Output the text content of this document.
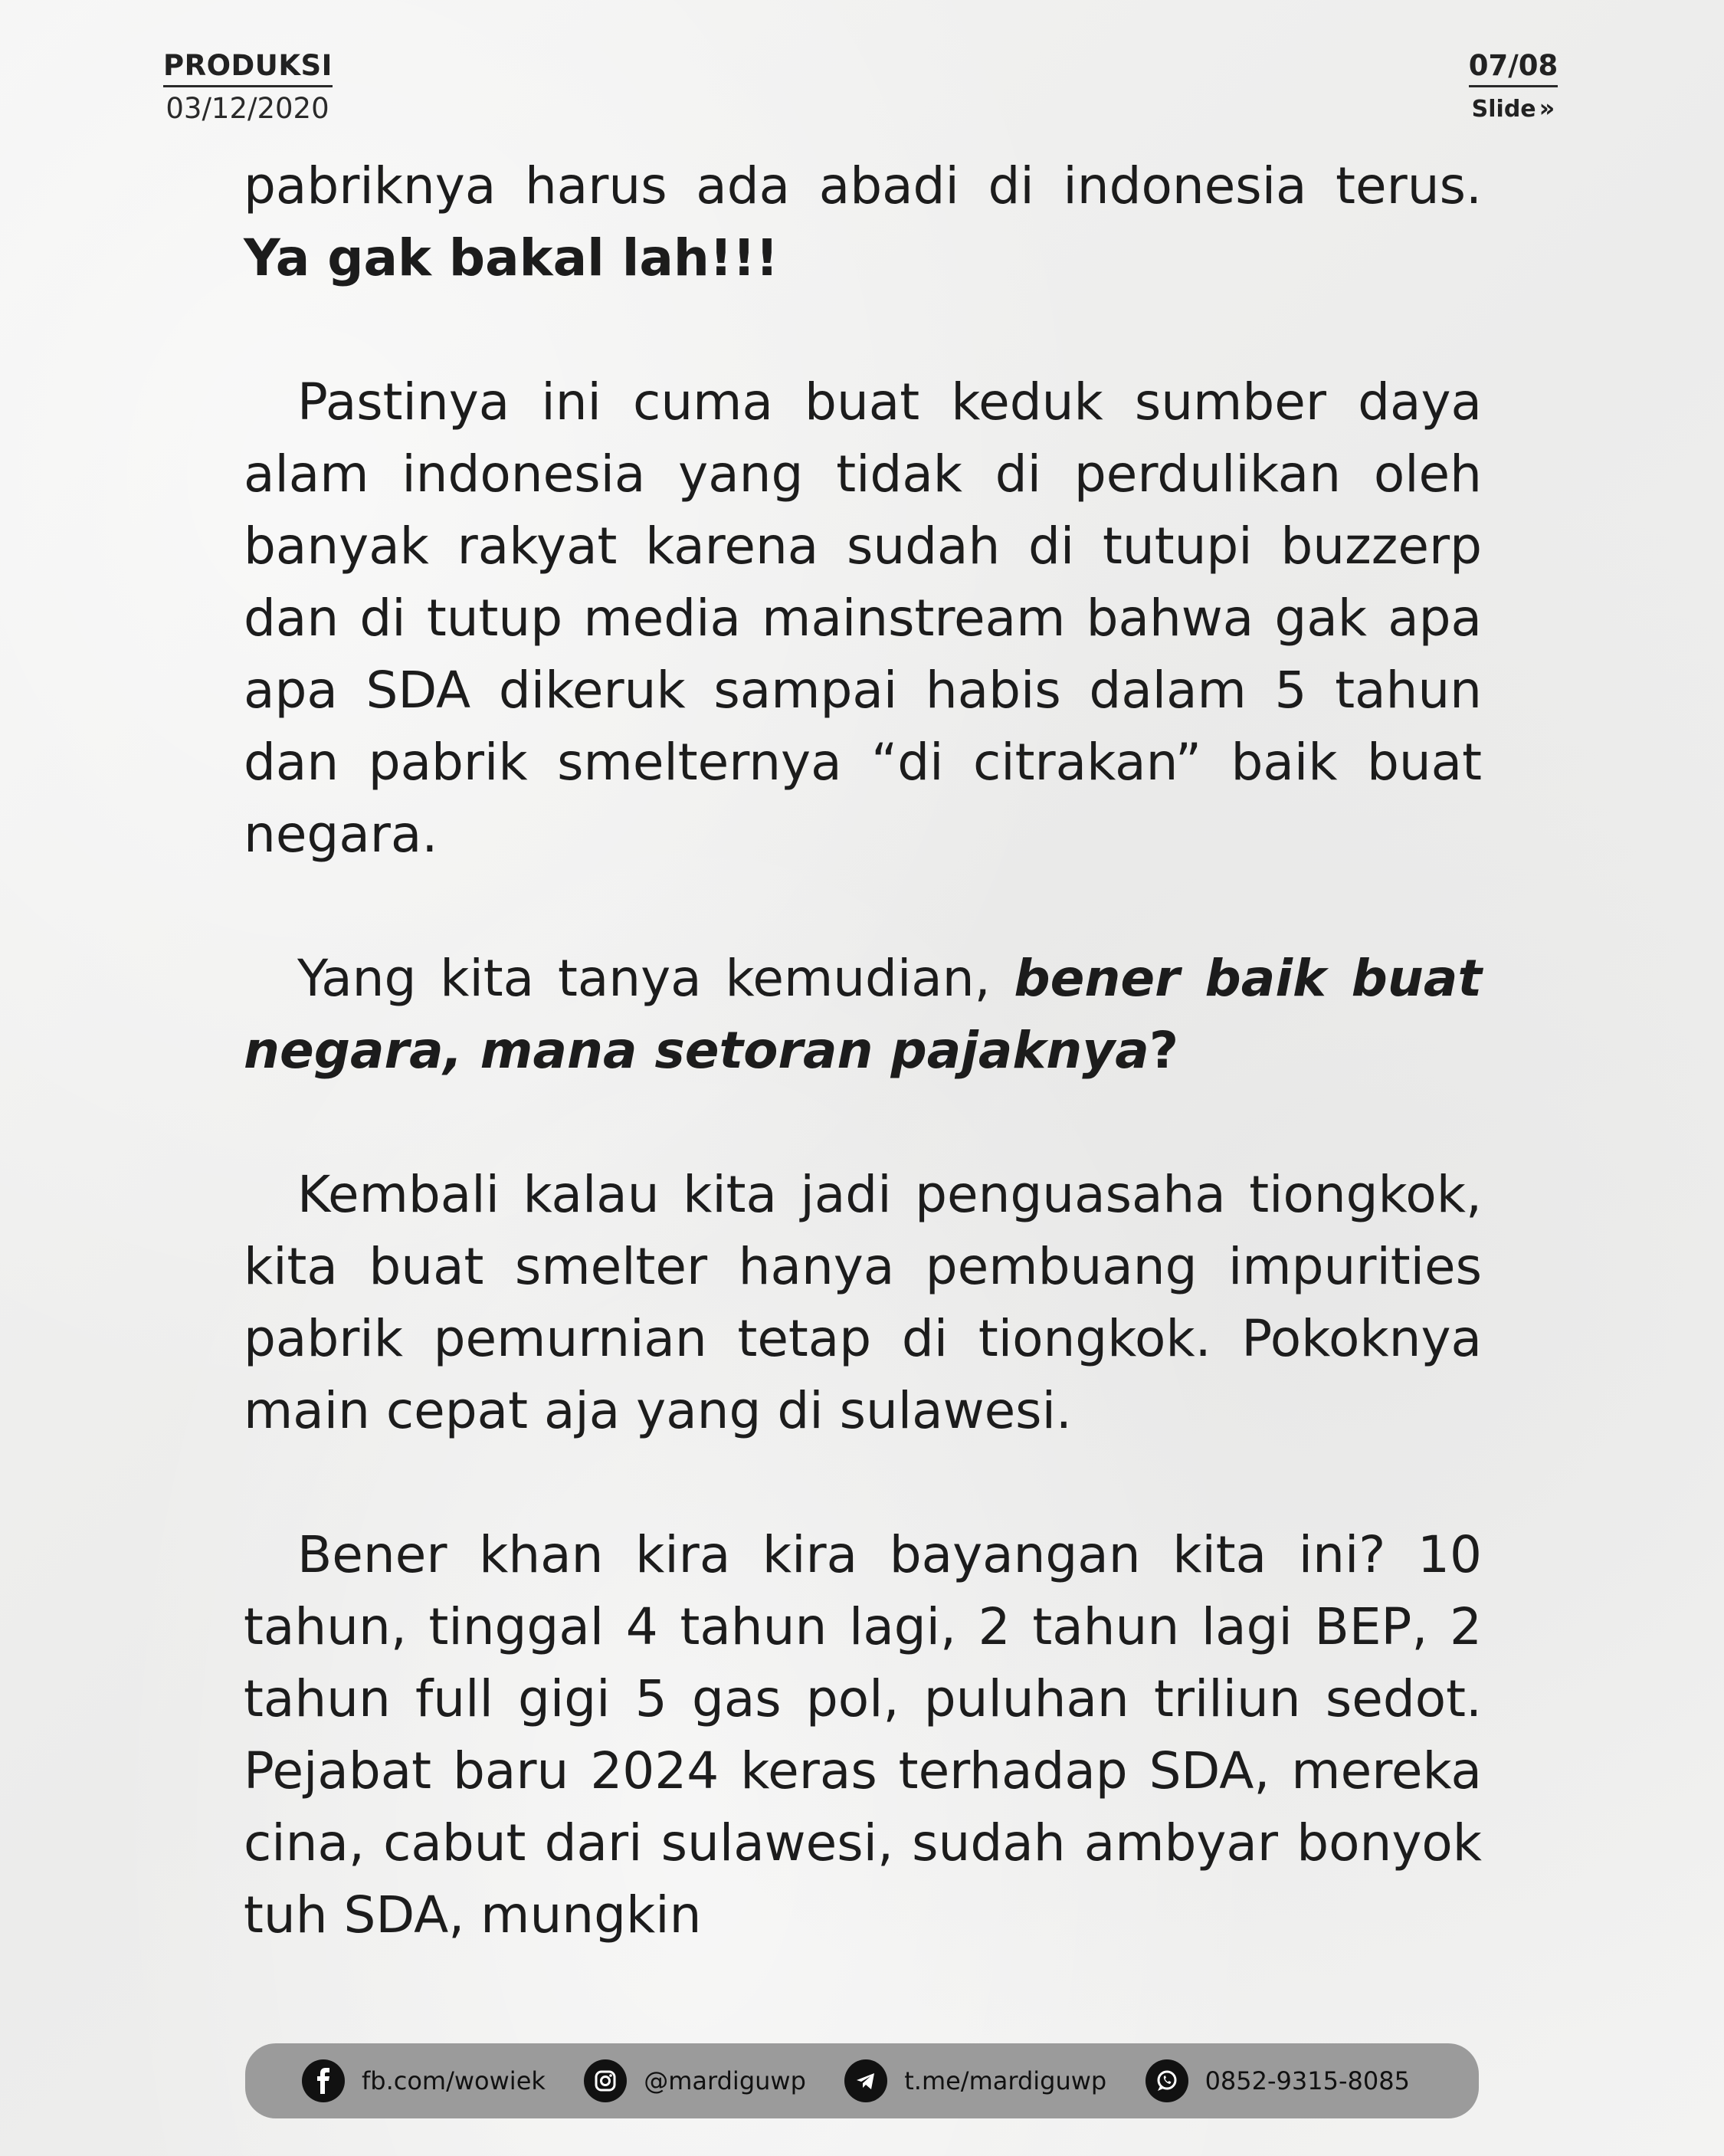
PRODUKSI
03/12/2020
07/08
Slide »

pabriknya harus ada abadi di indonesia terus. Ya gak bakal lah!!!

Pastinya ini cuma buat keduk sumber daya alam indonesia yang tidak di perdulikan oleh banyak rakyat karena sudah di tutupi buzzerp dan di tutup media mainstream bahwa gak apa apa SDA dikeruk sampai habis dalam 5 tahun dan pabrik smelternya “di citrakan” baik buat negara.

Yang kita tanya kemudian, bener baik buat negara, mana setoran pajaknya?

Kembali kalau kita jadi penguasaha tiongkok, kita buat smelter hanya pembuang impurities pabrik pemurnian tetap di tiongkok. Pokoknya main cepat aja yang di sulawesi.

Bener khan kira kira bayangan kita ini? 10 tahun, tinggal 4 tahun lagi, 2 tahun lagi BEP, 2 tahun full gigi 5 gas pol, puluhan triliun sedot. Pejabat baru 2024 keras terhadap SDA, mereka cina, cabut dari sulawesi, sudah ambyar bonyok tuh SDA, mungkin

fb.com/wowiek	@mardiguwp	t.me/mardiguwp	0852-9315-8085
